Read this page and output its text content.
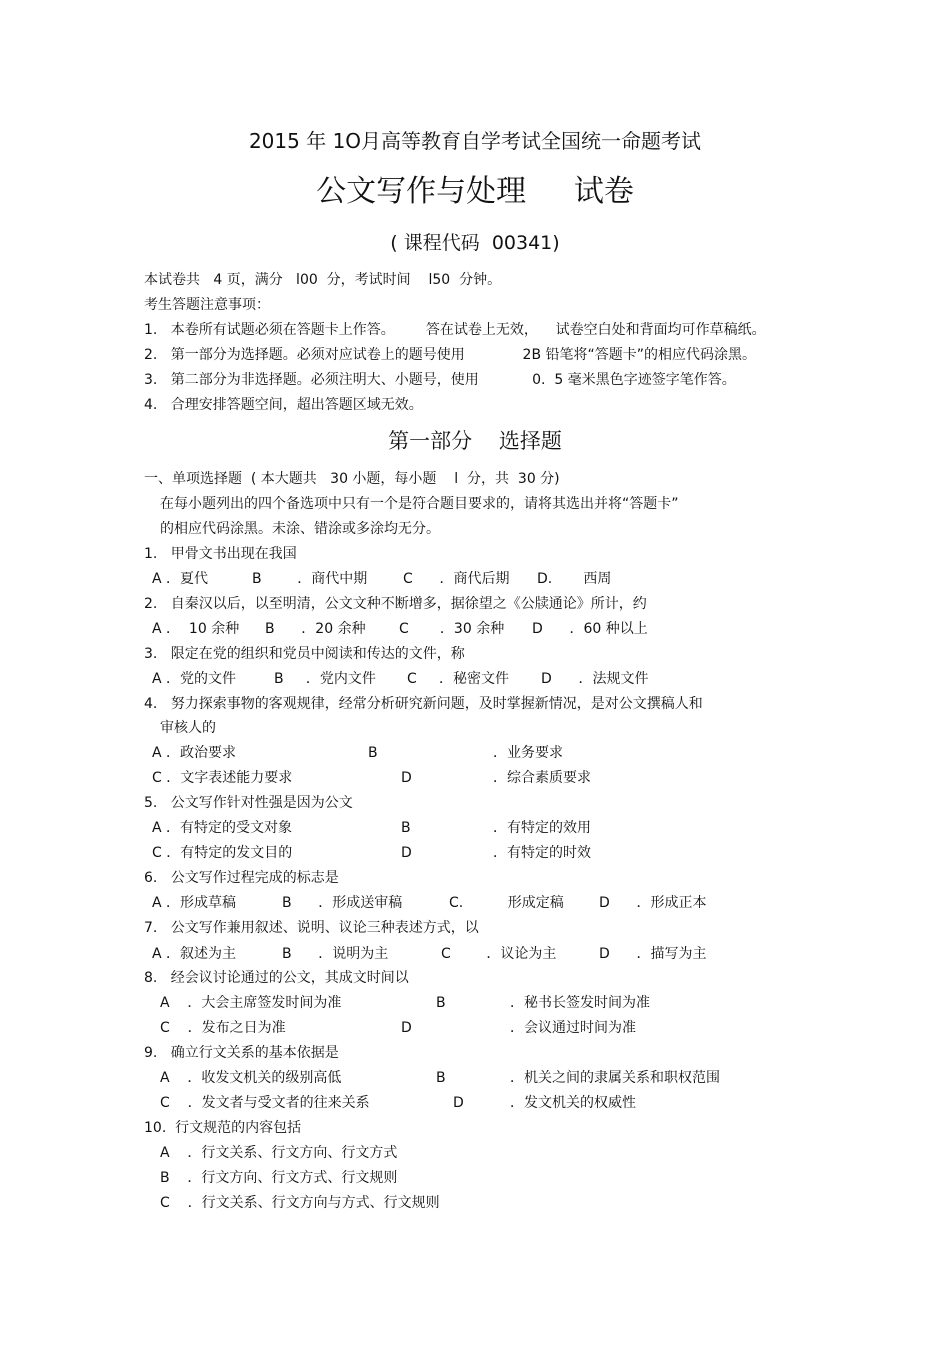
2015 年 1O月高等教育自学考试全国统一命题考试
公文写作与处理     试卷
( 课程代码  00341)
本试卷共   4 页，满分   l00  分，考试时间    l50  分钟。
考生答题注意事项：
1.   本卷所有试题必须在答题卡上作答。       答在试卷上无效，    试卷空白处和背面均可作草稿纸。
2.   第一部分为选择题。必须对应试卷上的题号使用             2B 铅笔将“答题卡”的相应代码涂黑。
3.   第二部分为非选择题。必须注明大、小题号，使用            0.  5 毫米黑色字迹签字笔作答。
4.   合理安排答题空间，超出答题区域无效。
第一部分    选择题
一、单项选择题  ( 本大题共   30 小题，每小题    l  分，共  30 分)
在每小题列出的四个备选项中只有一个是符合题目要求的，请将其选出并将“答题卡”
的相应代码涂黑。未涂、错涂或多涂均无分。
1.   甲骨文书出现在我国
A ．夏代	B        ．商代中期	C      ．商代后期 D.       西周
2.   自秦汉以后，以至明清，公文文种不断增多，据徐望之《公牍通论》所计，约
A ．  10 余种 B      ．20 余种 C       ．30 余种 D      ．60 种以上
3.   限定在党的组织和党员中阅读和传达的文件，称
A ．党的文件	B     ．党内文件 C     ．秘密文件 D      ．法规文件
4.   努力探索事物的客观规律，经常分析研究新问题，及时掌握新情况，是对公文撰稿人和
审核人的
A ．政治要求	B	．业务要求
C ．文字表述能力要求	D	．综合素质要求
5.   公文写作针对性强是因为公文
A ．有特定的受文对象	B	．有特定的效用
C ．有特定的发文目的	D	．有特定的时效
6.   公文写作过程完成的标志是
A ．形成草稿	B      ．形成送审稿	C.          形成定稿	D      ．形成正本
7.   公文写作兼用叙述、说明、议论三种表述方式，以
A ．叙述为主	B      ．说明为主	C        ．议论为主	D      ．描写为主
8.   经会议讨论通过的公文，其成文时间以
A    ．大会主席签发时间为准	B	．秘书长签发时间为准
C    ．发布之日为准	D	．会议通过时间为准
9.   确立行文关系的基本依据是
A    ．收发文机关的级别高低	B	．机关之间的隶属关系和职权范围
C    ．发文者与受文者的往来关系	D	．发文机关的权威性
10.  行文规范的内容包括
A    ．行文关系、行文方向、行文方式
B    ．行文方向、行文方式、行文规则
C    ．行文关系、行文方向与方式、行文规则
